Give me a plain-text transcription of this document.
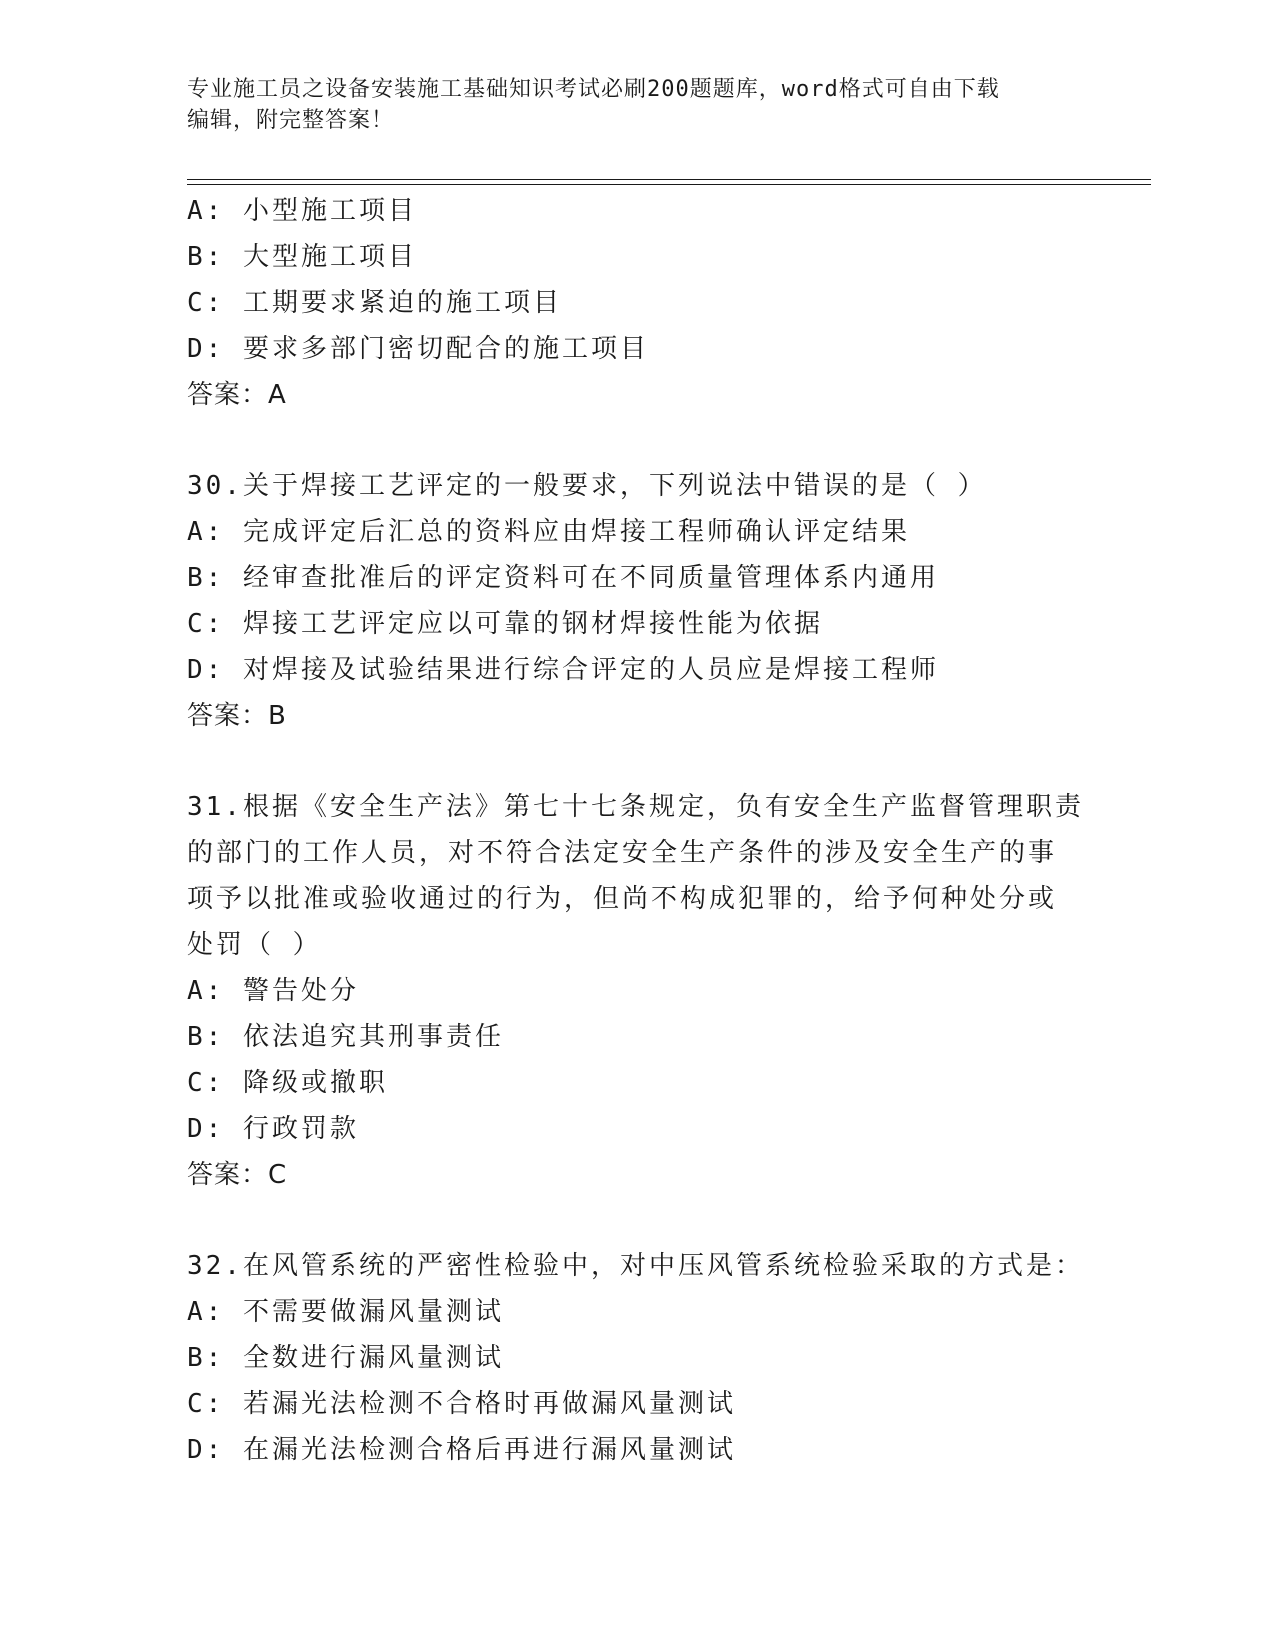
专业施工员之设备安装施工基础知识考试必刷200题题库，word格式可自由下载
编辑，附完整答案！
A: 小型施工项目
B: 大型施工项目
C: 工期要求紧迫的施工项目
D: 要求多部门密切配合的施工项目
答案：A
30.关于焊接工艺评定的一般要求，下列说法中错误的是（ ）
A: 完成评定后汇总的资料应由焊接工程师确认评定结果
B: 经审查批准后的评定资料可在不同质量管理体系内通用
C: 焊接工艺评定应以可靠的钢材焊接性能为依据
D: 对焊接及试验结果进行综合评定的人员应是焊接工程师
答案：B
31.根据《安全生产法》第七十七条规定，负有安全生产监督管理职责
的部门的工作人员，对不符合法定安全生产条件的涉及安全生产的事
项予以批准或验收通过的行为，但尚不构成犯罪的，给予何种处分或
处罚（ ）
A: 警告处分
B: 依法追究其刑事责任
C: 降级或撤职
D: 行政罚款
答案：C
32.在风管系统的严密性检验中，对中压风管系统检验采取的方式是：
A: 不需要做漏风量测试
B: 全数进行漏风量测试
C: 若漏光法检测不合格时再做漏风量测试
D: 在漏光法检测合格后再进行漏风量测试
